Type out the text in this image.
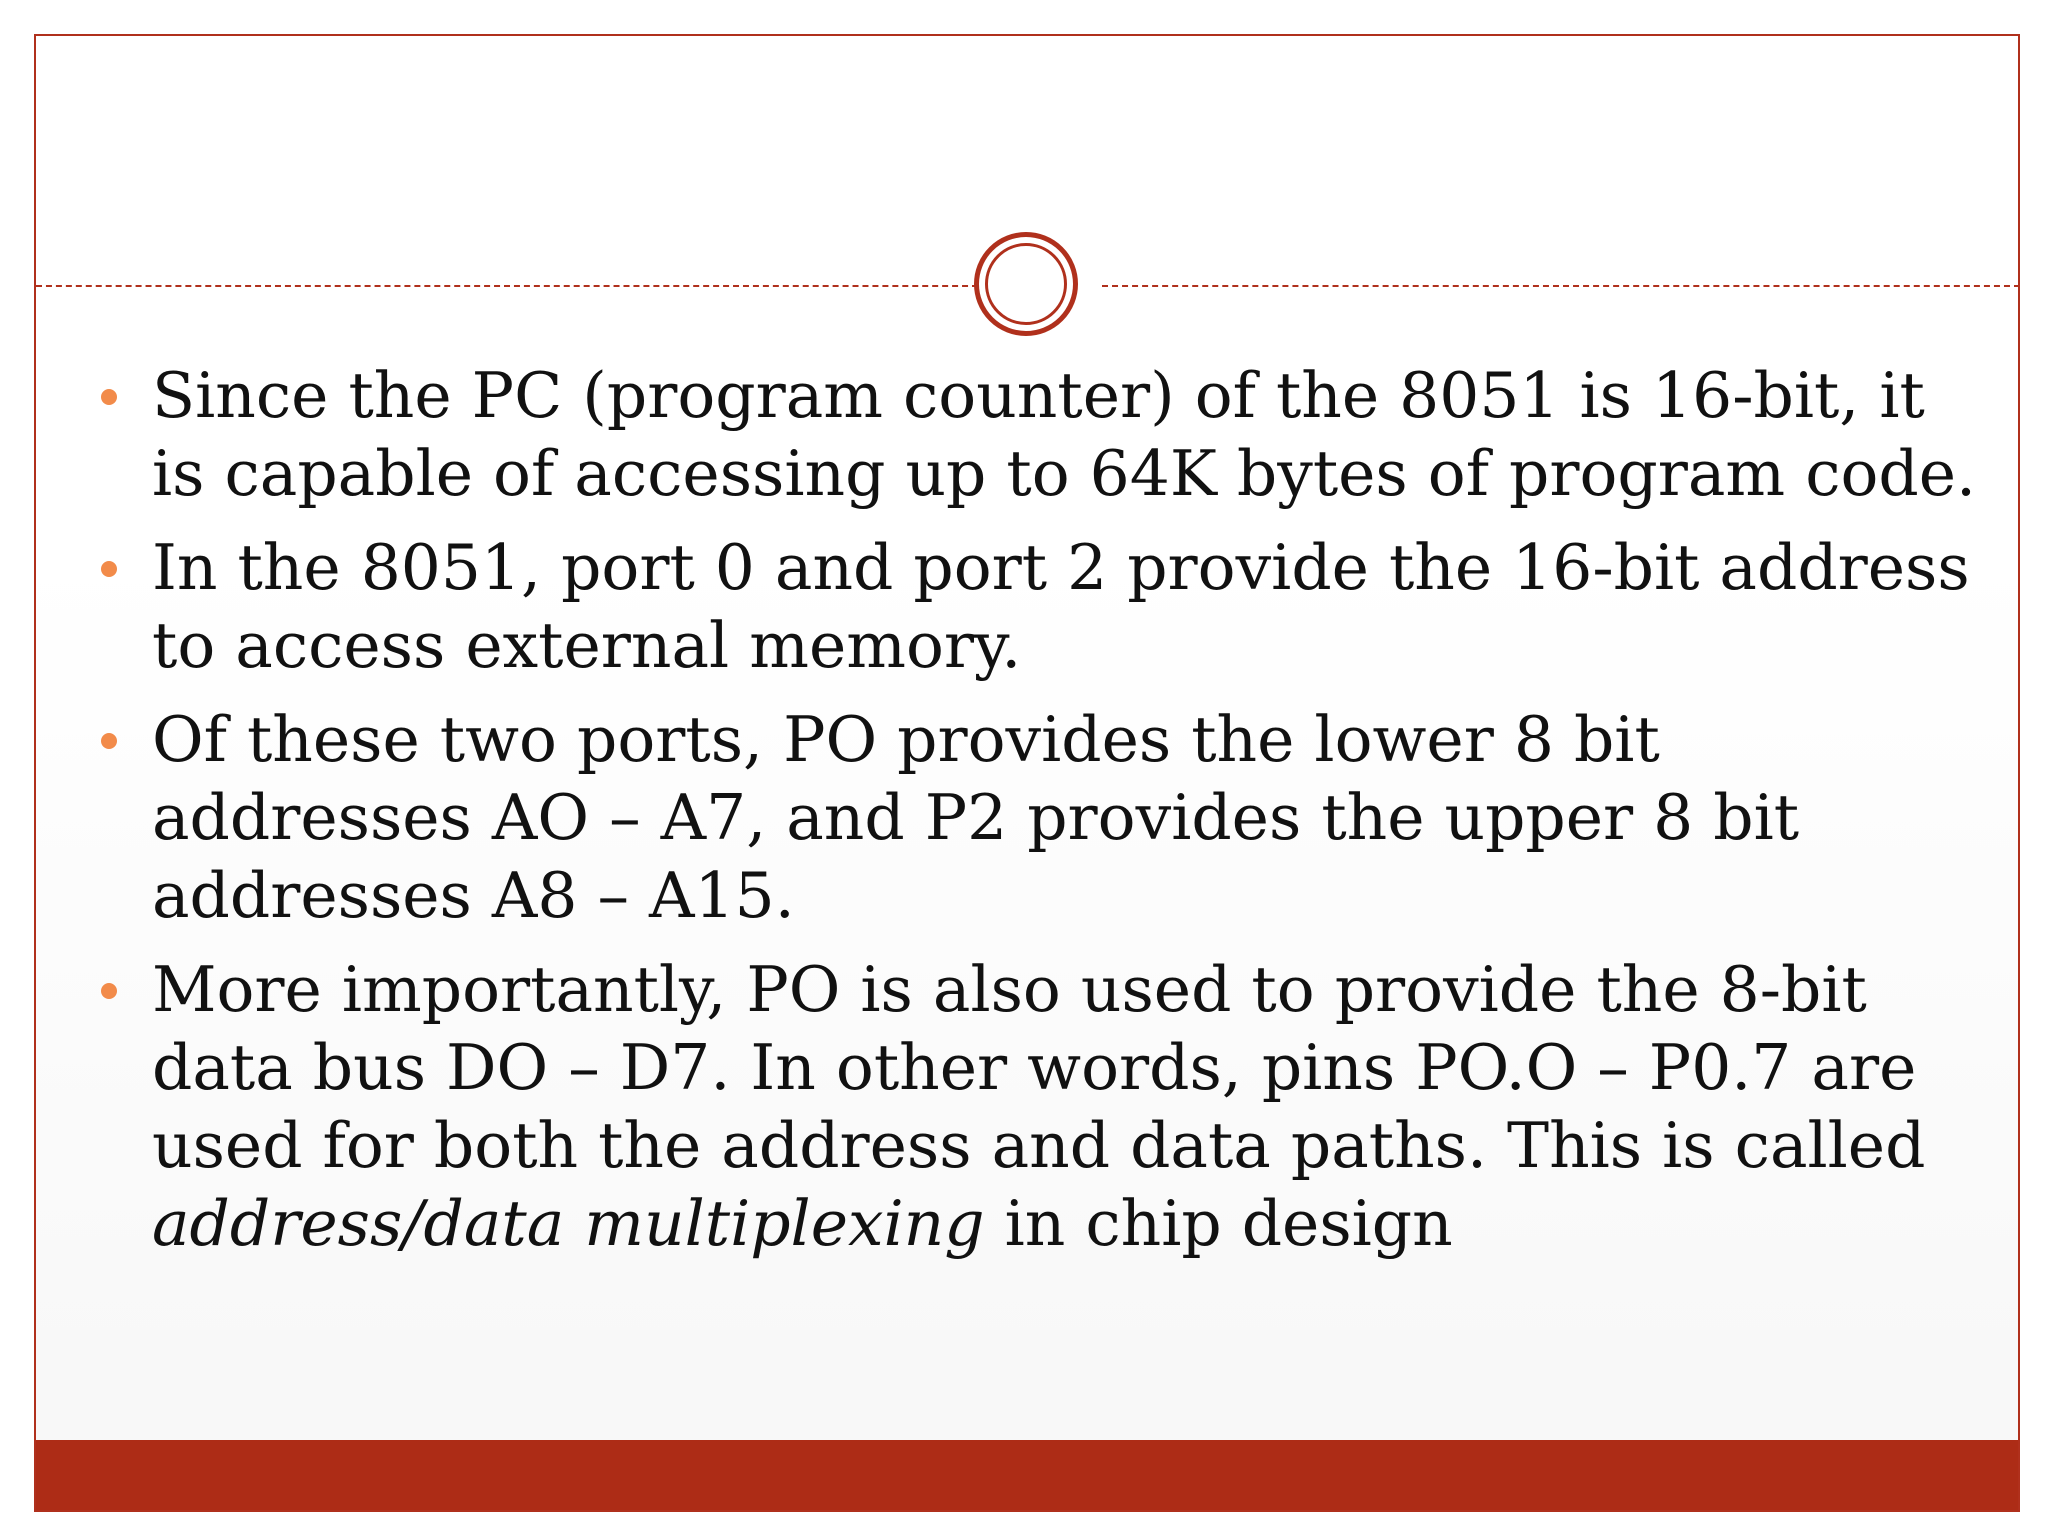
Since the PC (program counter) of the 8051 is 16-bit, it is capable of accessing up to 64K bytes of program code.
In the 8051, port 0 and port 2 provide the 16-bit address to access external memory.
Of these two ports, PO provides the lower 8 bit addresses AO – A7, and P2 provides the upper 8 bit addresses A8 – A15.
More importantly, PO is also used to provide the 8-bit data bus DO – D7. In other words, pins PO.O – P0.7 are used for both the address and data paths. This is called address/data multiplexing in chip design
